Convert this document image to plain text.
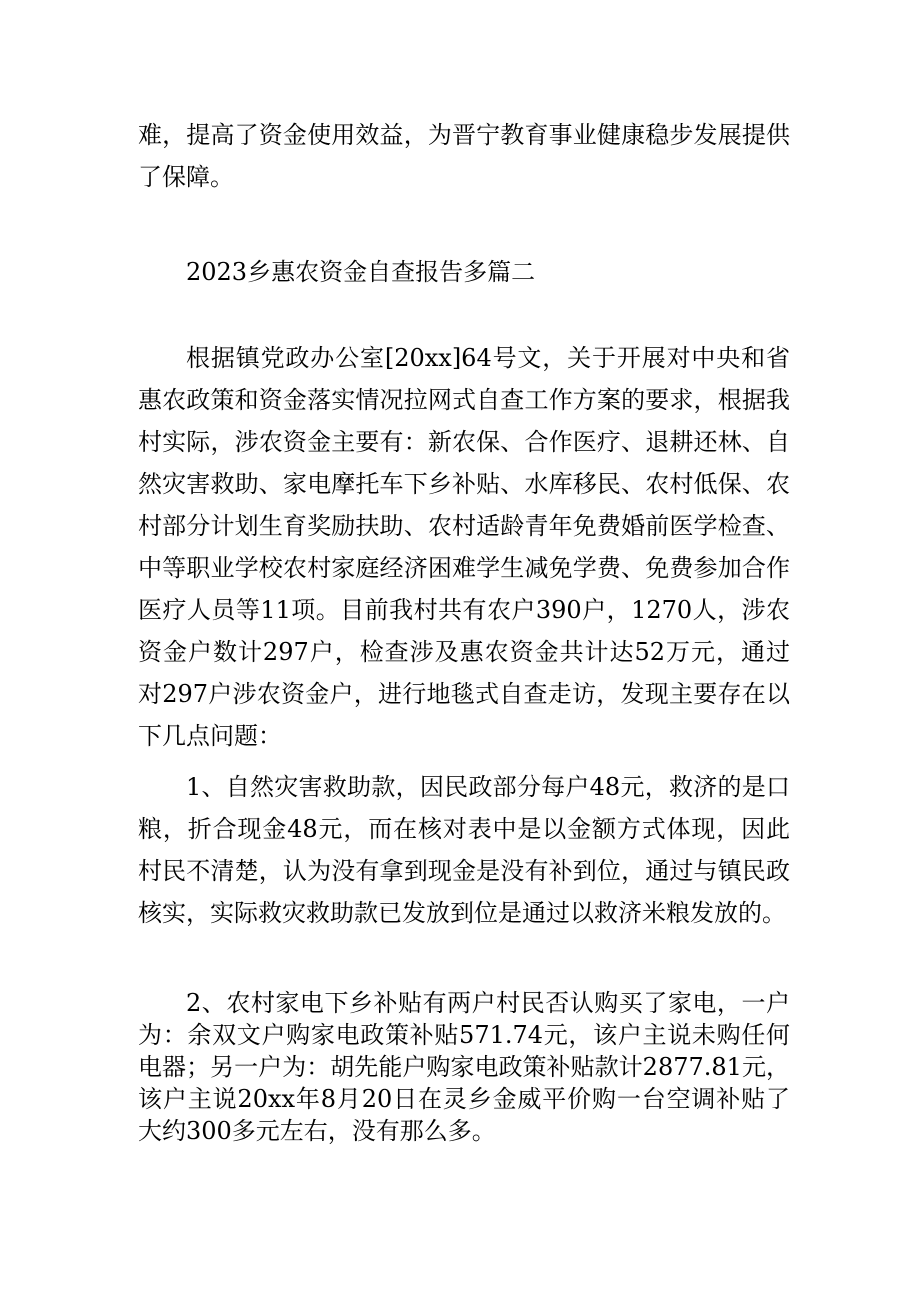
难，提高了资金使用效益，为晋宁教育事业健康稳步发展提供了保障。

2023乡惠农资金自查报告多篇二

根据镇党政办公室[20xx]64号文，关于开展对中央和省惠农政策和资金落实情况拉网式自查工作方案的要求，根据我村实际，涉农资金主要有：新农保、合作医疗、退耕还林、自然灾害救助、家电摩托车下乡补贴、水库移民、农村低保、农村部分计划生育奖励扶助、农村适龄青年免费婚前医学检查、中等职业学校农村家庭经济困难学生减免学费、免费参加合作医疗人员等11项。目前我村共有农户390户，1270人，涉农资金户数计297户，检查涉及惠农资金共计达52万元，通过对297户涉农资金户，进行地毯式自查走访，发现主要存在以下几点问题：

1、自然灾害救助款，因民政部分每户48元，救济的是口粮，折合现金48元，而在核对表中是以金额方式体现，因此村民不清楚，认为没有拿到现金是没有补到位，通过与镇民政核实，实际救灾救助款已发放到位是通过以救济米粮发放的。

2、农村家电下乡补贴有两户村民否认购买了家电，一户为：余双文户购家电政策补贴571.74元，该户主说未购任何电器；另一户为：胡先能户购家电政策补贴款计2877.81元，该户主说20xx年8月20日在灵乡金威平价购一台空调补贴了大约300多元左右，没有那么多。
